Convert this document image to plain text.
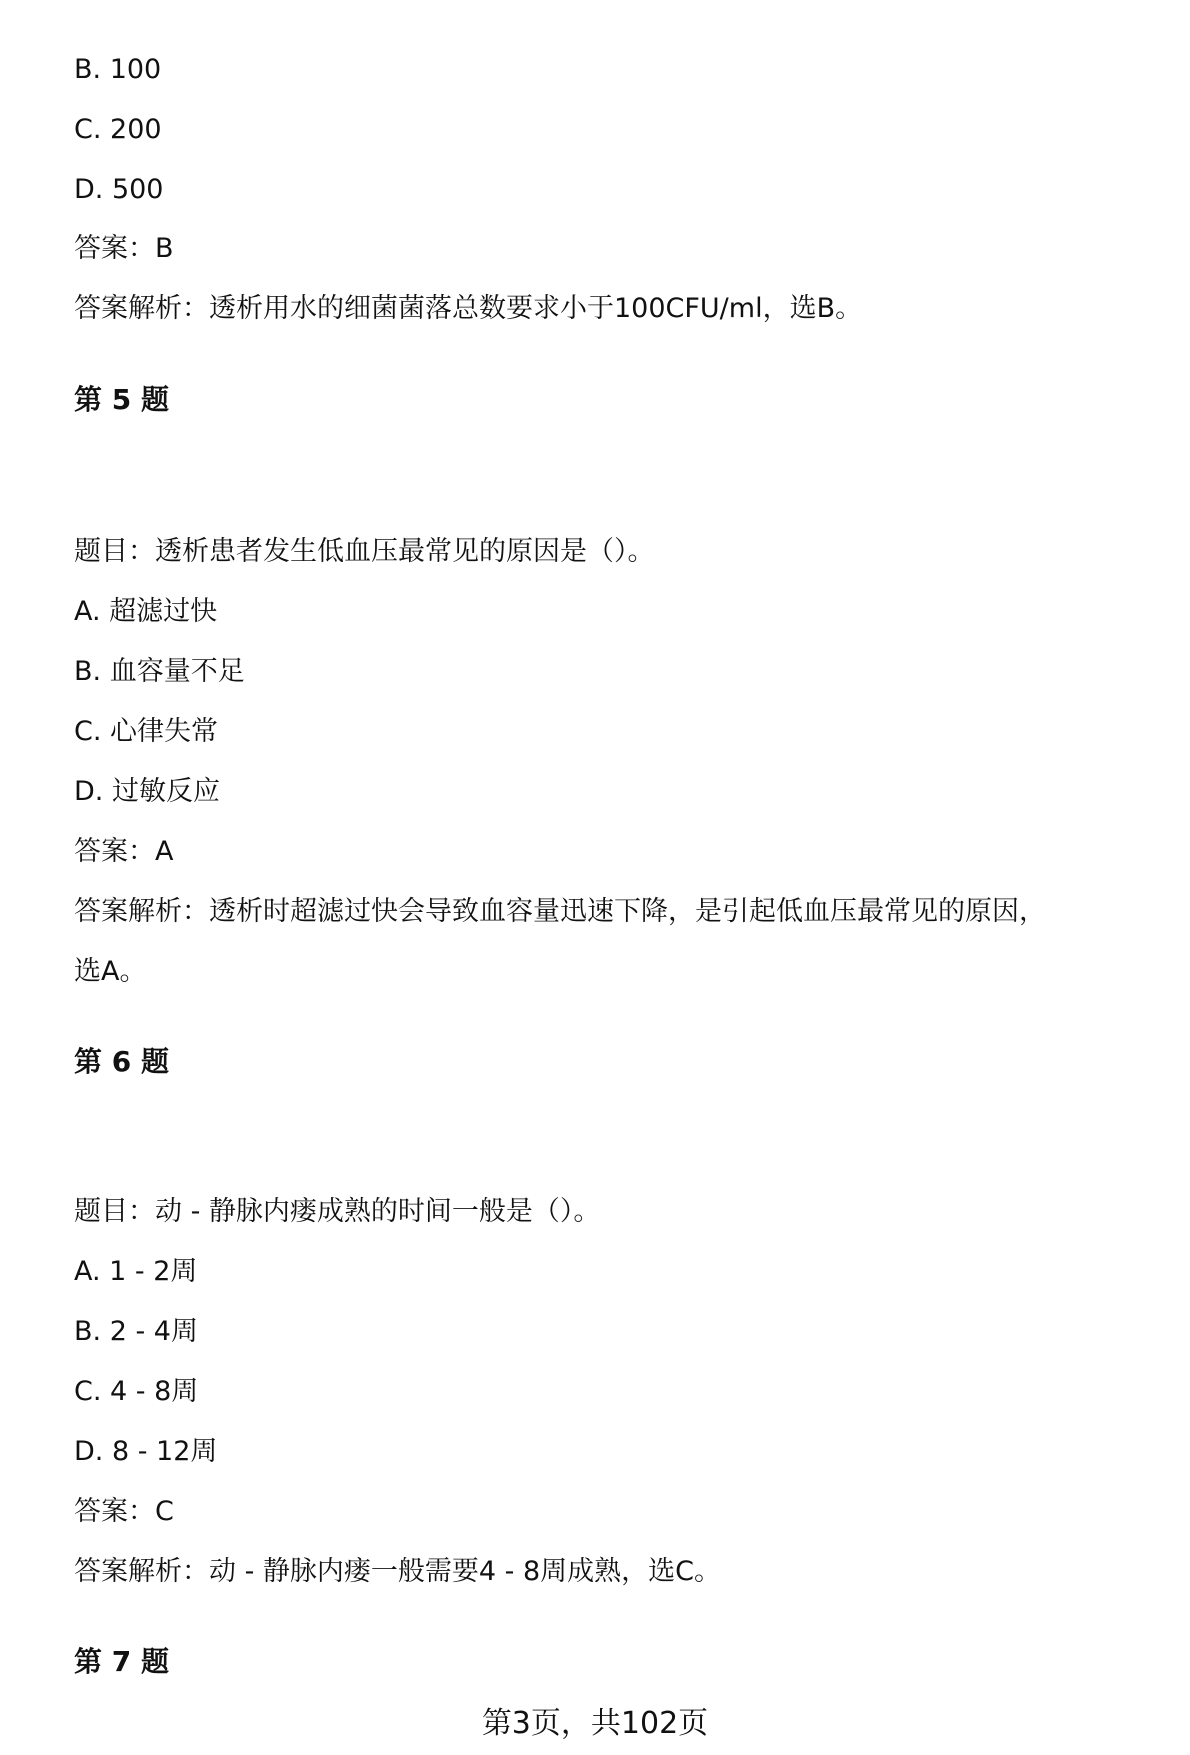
B. 100
C. 200
D. 500
答案：B
答案解析：透析用水的细菌菌落总数要求小于100CFU/ml，选B。
第 5 题
题目：透析患者发生低血压最常见的原因是（）。
A. 超滤过快
B. 血容量不足
C. 心律失常
D. 过敏反应
答案：A
答案解析：透析时超滤过快会导致血容量迅速下降，是引起低血压最常见的原因，
选A。
第 6 题
题目：动 - 静脉内瘘成熟的时间一般是（）。
A. 1 - 2周
B. 2 - 4周
C. 4 - 8周
D. 8 - 12周
答案：C
答案解析：动 - 静脉内瘘一般需要4 - 8周成熟，选C。
第 7 题
第3页，共102页
